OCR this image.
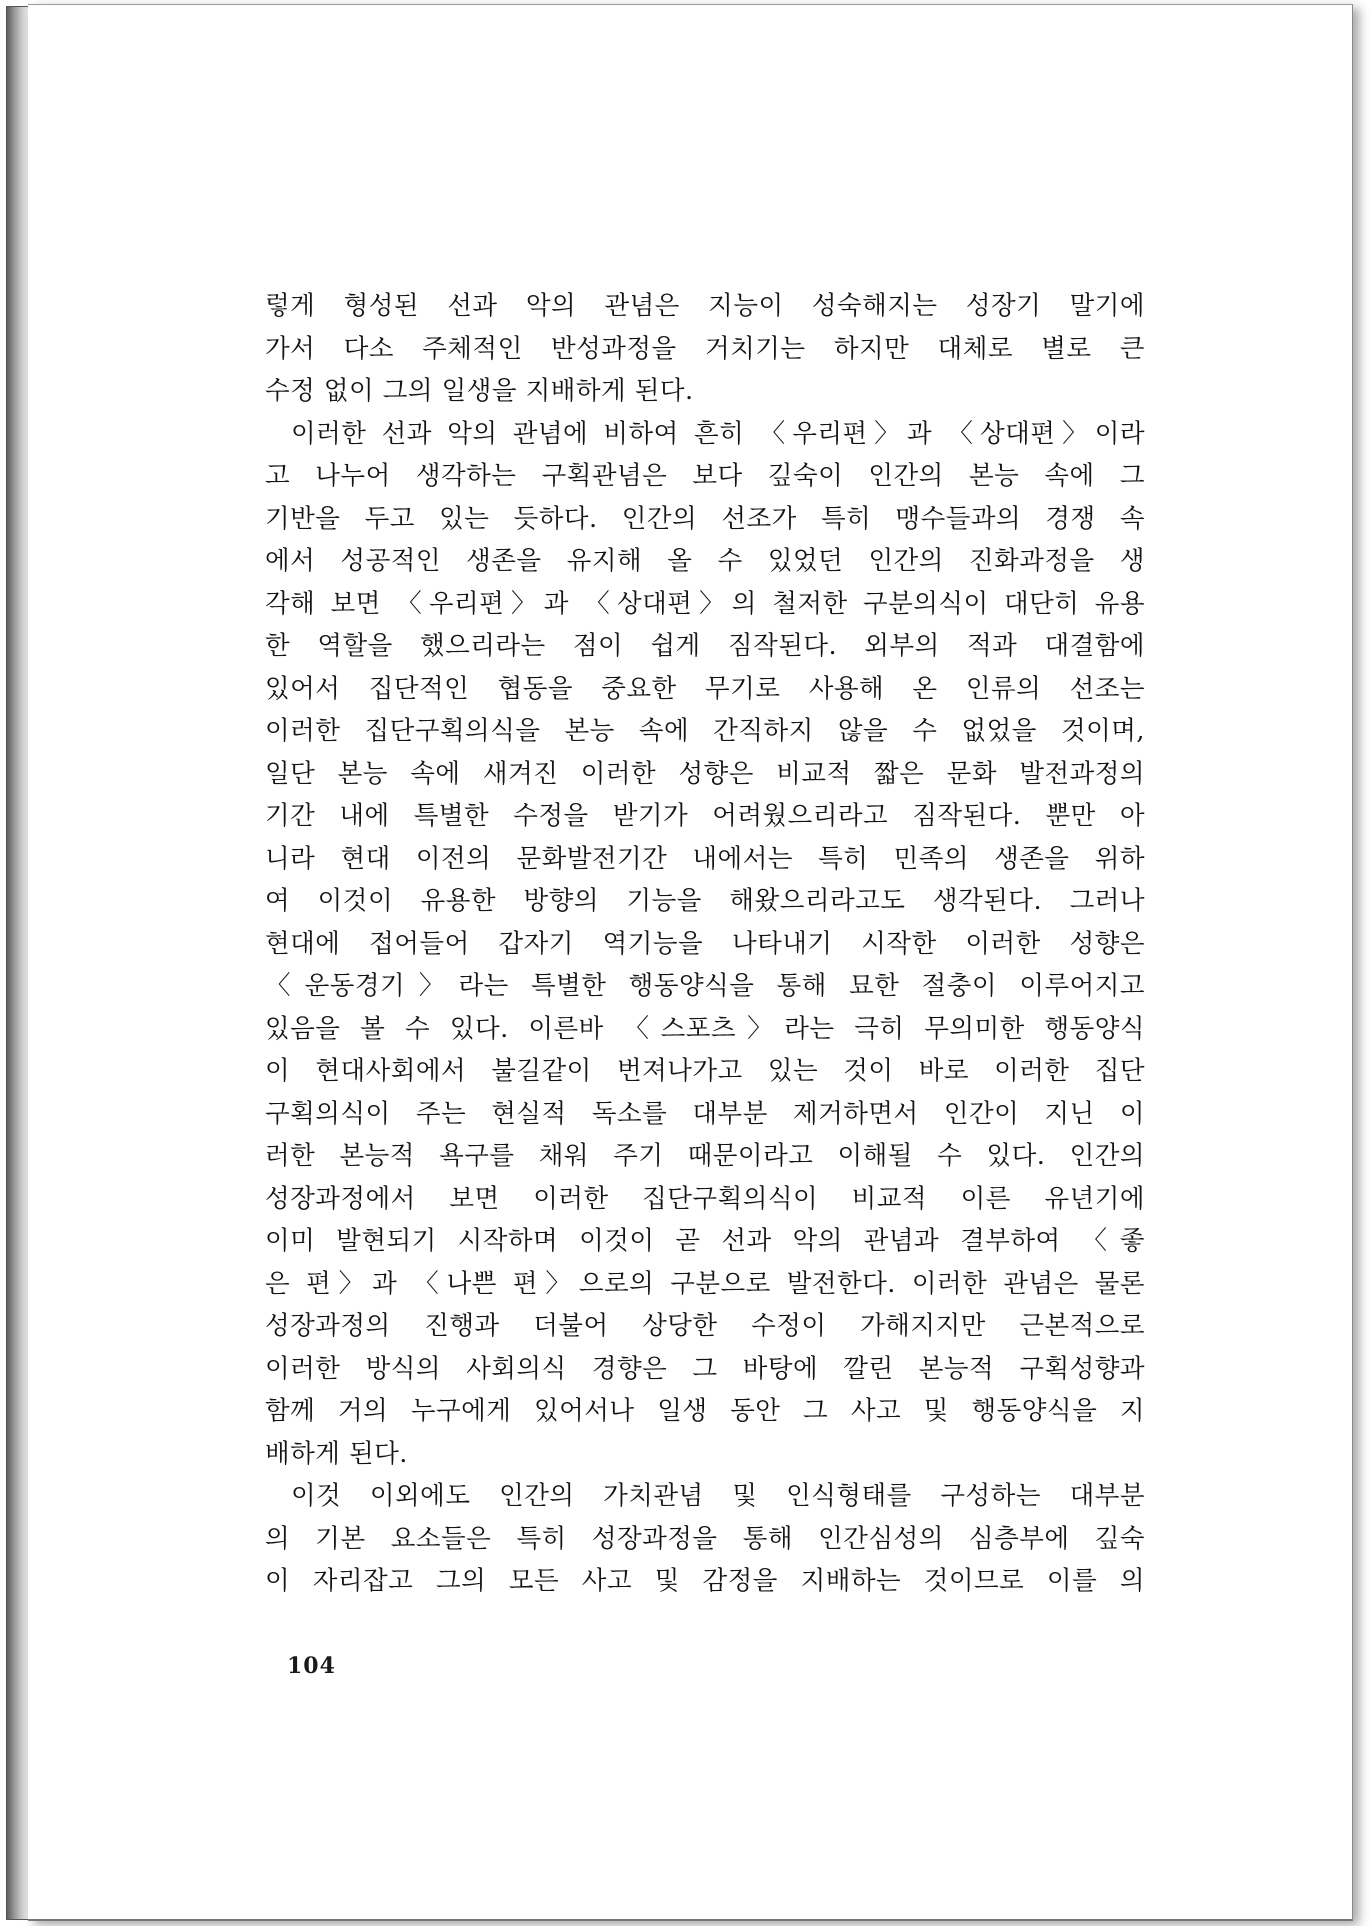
렇게 형성된 선과 악의 관념은 지능이 성숙해지는 성장기 말기에
가서 다소 주체적인 반성과정을 거치기는 하지만 대체로 별로 큰
수정 없이 그의 일생을 지배하게 된다.
이러한 선과 악의 관념에 비하여 흔히 〈우리편〉과 〈상대편〉이라
고 나누어 생각하는 구획관념은 보다 깊숙이 인간의 본능 속에 그
기반을 두고 있는 듯하다. 인간의 선조가 특히 맹수들과의 경쟁 속
에서 성공적인 생존을 유지해 올 수 있었던 인간의 진화과정을 생
각해 보면 〈우리편〉과 〈상대편〉의 철저한 구분의식이 대단히 유용
한 역할을 했으리라는 점이 쉽게 짐작된다. 외부의 적과 대결함에
있어서 집단적인 협동을 중요한 무기로 사용해 온 인류의 선조는
이러한 집단구획의식을 본능 속에 간직하지 않을 수 없었을 것이며,
일단 본능 속에 새겨진 이러한 성향은 비교적 짧은 문화 발전과정의
기간 내에 특별한 수정을 받기가 어려웠으리라고 짐작된다. 뿐만 아
니라 현대 이전의 문화발전기간 내에서는 특히 민족의 생존을 위하
여 이것이 유용한 방향의 기능을 해왔으리라고도 생각된다. 그러나
현대에 접어들어 갑자기 역기능을 나타내기 시작한 이러한 성향은
〈운동경기〉라는 특별한 행동양식을 통해 묘한 절충이 이루어지고
있음을 볼 수 있다. 이른바 〈스포츠〉라는 극히 무의미한 행동양식
이 현대사회에서 불길같이 번져나가고 있는 것이 바로 이러한 집단
구획의식이 주는 현실적 독소를 대부분 제거하면서 인간이 지닌 이
러한 본능적 욕구를 채워 주기 때문이라고 이해될 수 있다. 인간의
성장과정에서 보면 이러한 집단구획의식이 비교적 이른 유년기에
이미 발현되기 시작하며 이것이 곧 선과 악의 관념과 결부하여 〈좋
은 편〉과 〈나쁜 편〉으로의 구분으로 발전한다. 이러한 관념은 물론
성장과정의 진행과 더불어 상당한 수정이 가해지지만 근본적으로
이러한 방식의 사회의식 경향은 그 바탕에 깔린 본능적 구획성향과
함께 거의 누구에게 있어서나 일생 동안 그 사고 및 행동양식을 지
배하게 된다.
이것 이외에도 인간의 가치관념 및 인식형태를 구성하는 대부분
의 기본 요소들은 특히 성장과정을 통해 인간심성의 심층부에 깊숙
이 자리잡고 그의 모든 사고 및 감정을 지배하는 것이므로 이를 의
104
